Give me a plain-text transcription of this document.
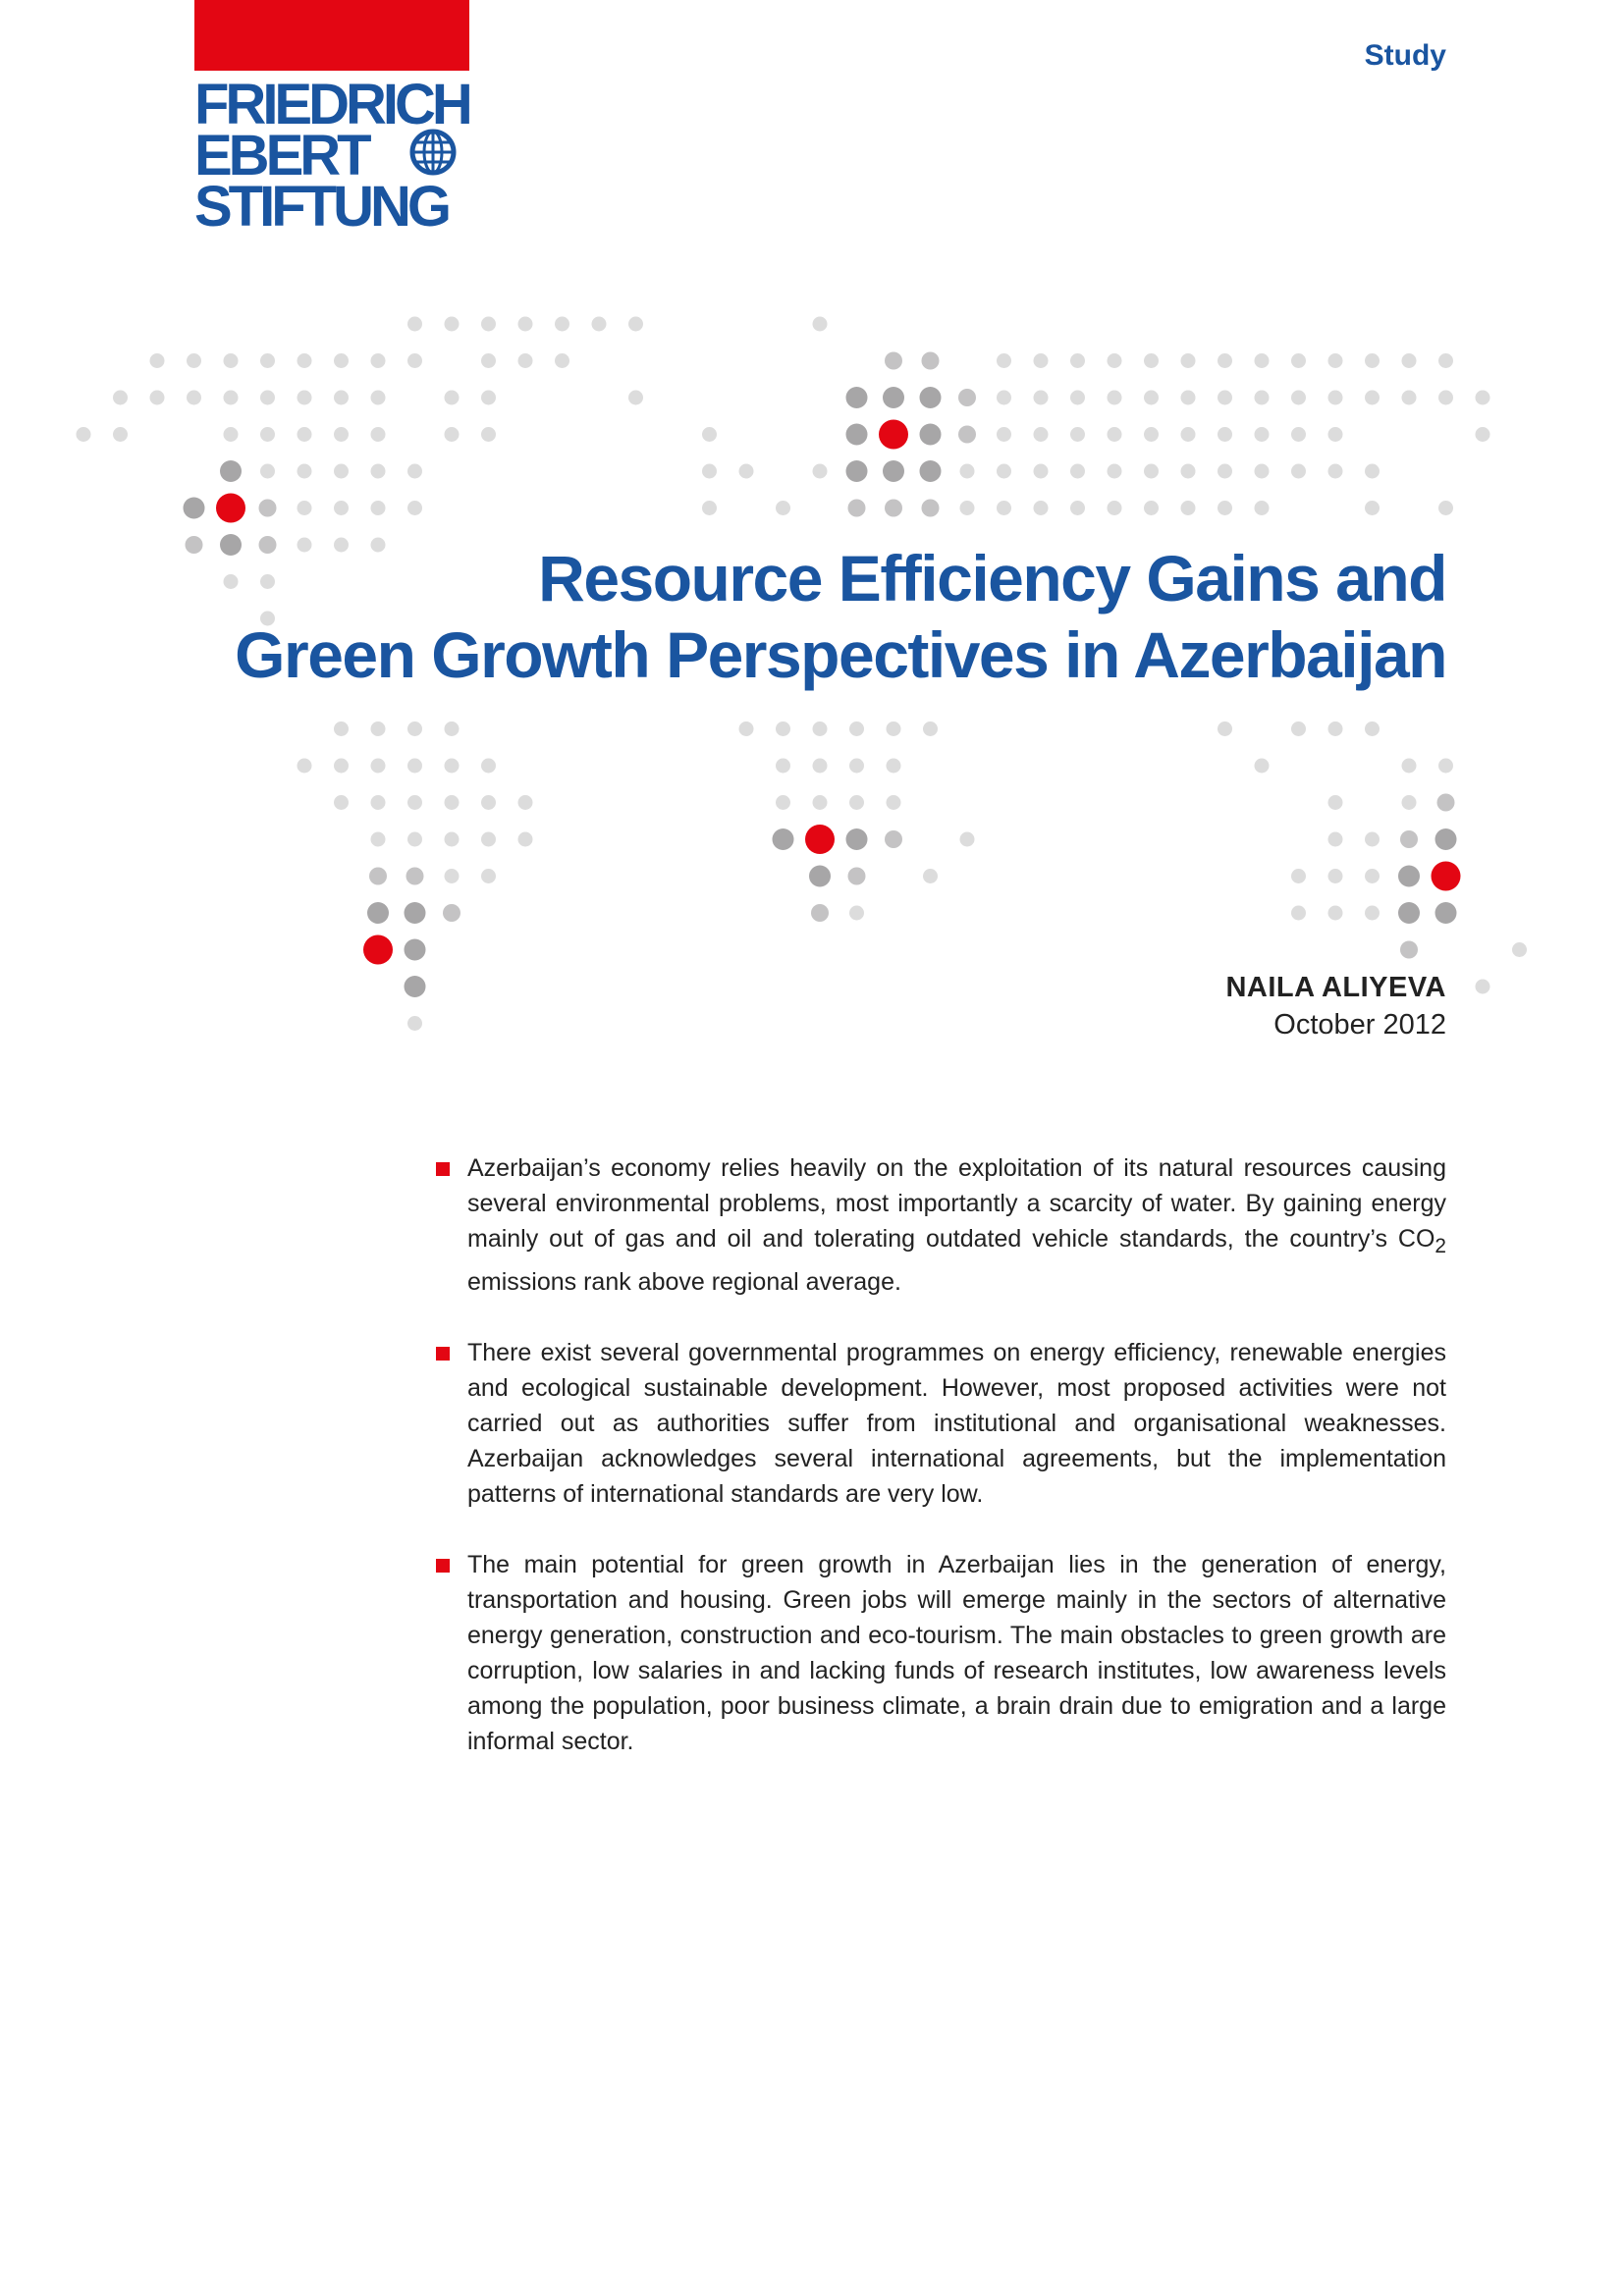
FRIEDRICH
EBERT
STIFTUNG
Study
Resource Efficiency Gains and
Green Growth Perspectives in Azerbaijan
NAILA ALIYEVA
October 2012
Azerbaijan’s economy relies heavily on the exploitation of its natural resources causing several environmental problems, most importantly a scarcity of water. By gaining energy mainly out of gas and oil and tolerating outdated vehicle standards, the country’s $CO_2$ emissions rank above regional average.
There exist several governmental programmes on energy efficiency, renewable energies and ecological sustainable development. However, most proposed activities were not carried out as authorities suffer from institutional and organisational weaknesses. Azerbaijan acknowledges several international agreements, but the implementation patterns of international standards are very low.
The main potential for green growth in Azerbaijan lies in the generation of energy, transportation and housing. Green jobs will emerge mainly in the sectors of alternative energy generation, construction and eco-tourism. The main obstacles to green growth are corruption, low salaries in and lacking funds of research institutes, low awareness levels among the population, poor business climate, a brain drain due to emigration and a large informal sector.
